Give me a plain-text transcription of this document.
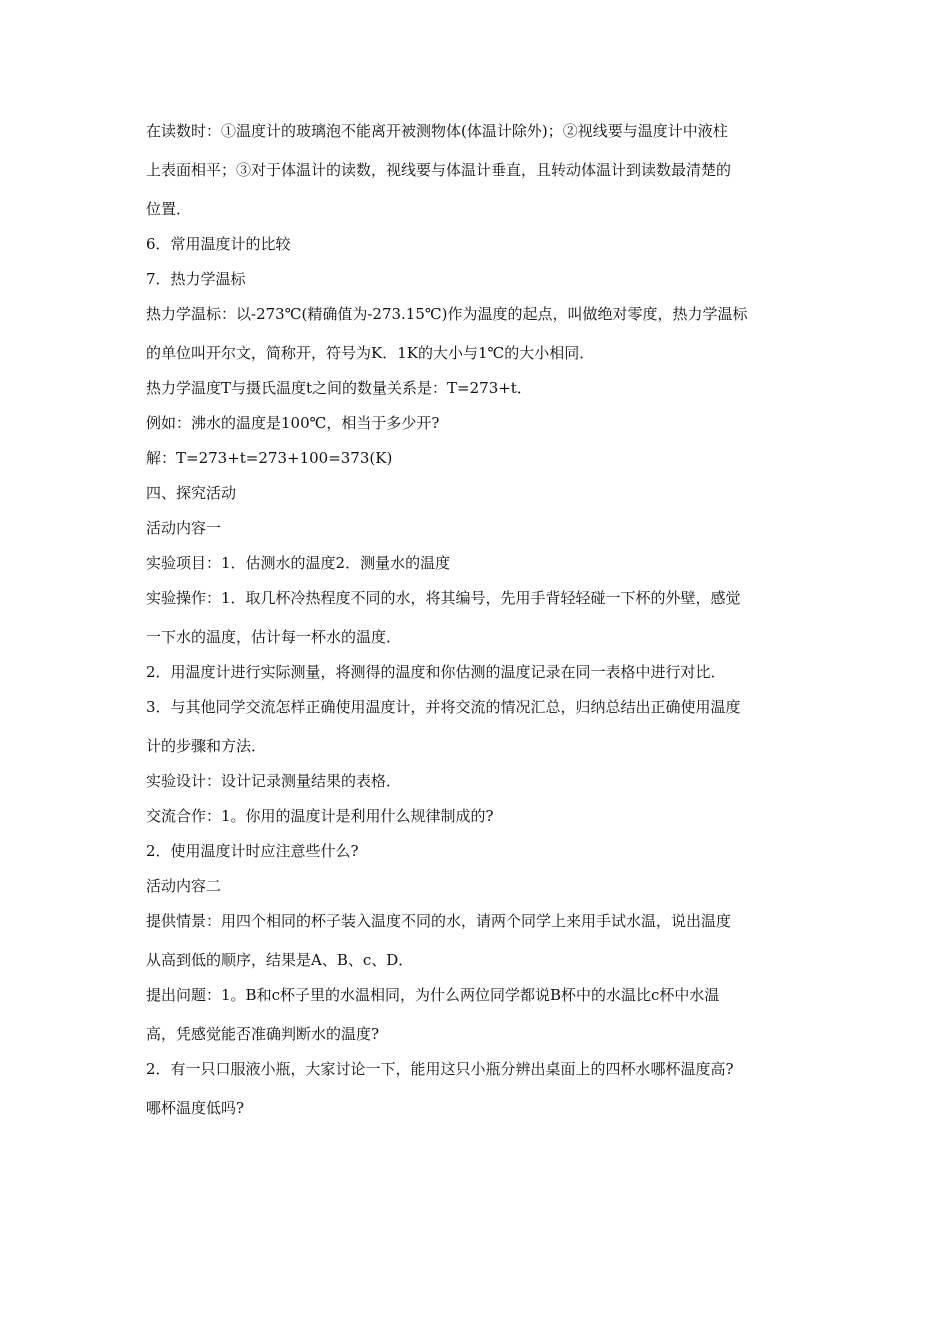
在读数时：①温度计的玻璃泡不能离开被测物体(体温计除外)；②视线要与温度计中液柱

上表面相平；③对于体温计的读数，视线要与体温计垂直，且转动体温计到读数最清楚的

位置．

6．常用温度计的比较

7．热力学温标

热力学温标：以-273℃(精确值为-273.15℃)作为温度的起点，叫做绝对零度，热力学温标

的单位叫开尔文，简称开，符号为K．1K的大小与1℃的大小相同．

热力学温度T与摄氏温度t之间的数量关系是：T=273+t．

例如：沸水的温度是100℃，相当于多少开?

解：T=273+t=273+100=373(K)

四、探究活动

活动内容一

实验项目：1．估测水的温度2．测量水的温度

实验操作：1．取几杯冷热程度不同的水，将其编号，先用手背轻轻碰一下杯的外壁，感觉

一下水的温度，估计每一杯水的温度．

2．用温度计进行实际测量，将测得的温度和你估测的温度记录在同一表格中进行对比．

3．与其他同学交流怎样正确使用温度计，并将交流的情况汇总，归纳总结出正确使用温度

计的步骤和方法．

实验设计：设计记录测量结果的表格．

交流合作：1。你用的温度计是利用什么规律制成的?

2．使用温度计时应注意些什么?

活动内容二

提供情景：用四个相同的杯子装入温度不同的水，请两个同学上来用手试水温，说出温度

从高到低的顺序，结果是A、B、c、D．

提出问题：1。B和c杯子里的水温相同，为什么两位同学都说B杯中的水温比c杯中水温

高，凭感觉能否准确判断水的温度?

2．有一只口服液小瓶，大家讨论一下，能用这只小瓶分辨出桌面上的四杯水哪杯温度高?

哪杯温度低吗?
